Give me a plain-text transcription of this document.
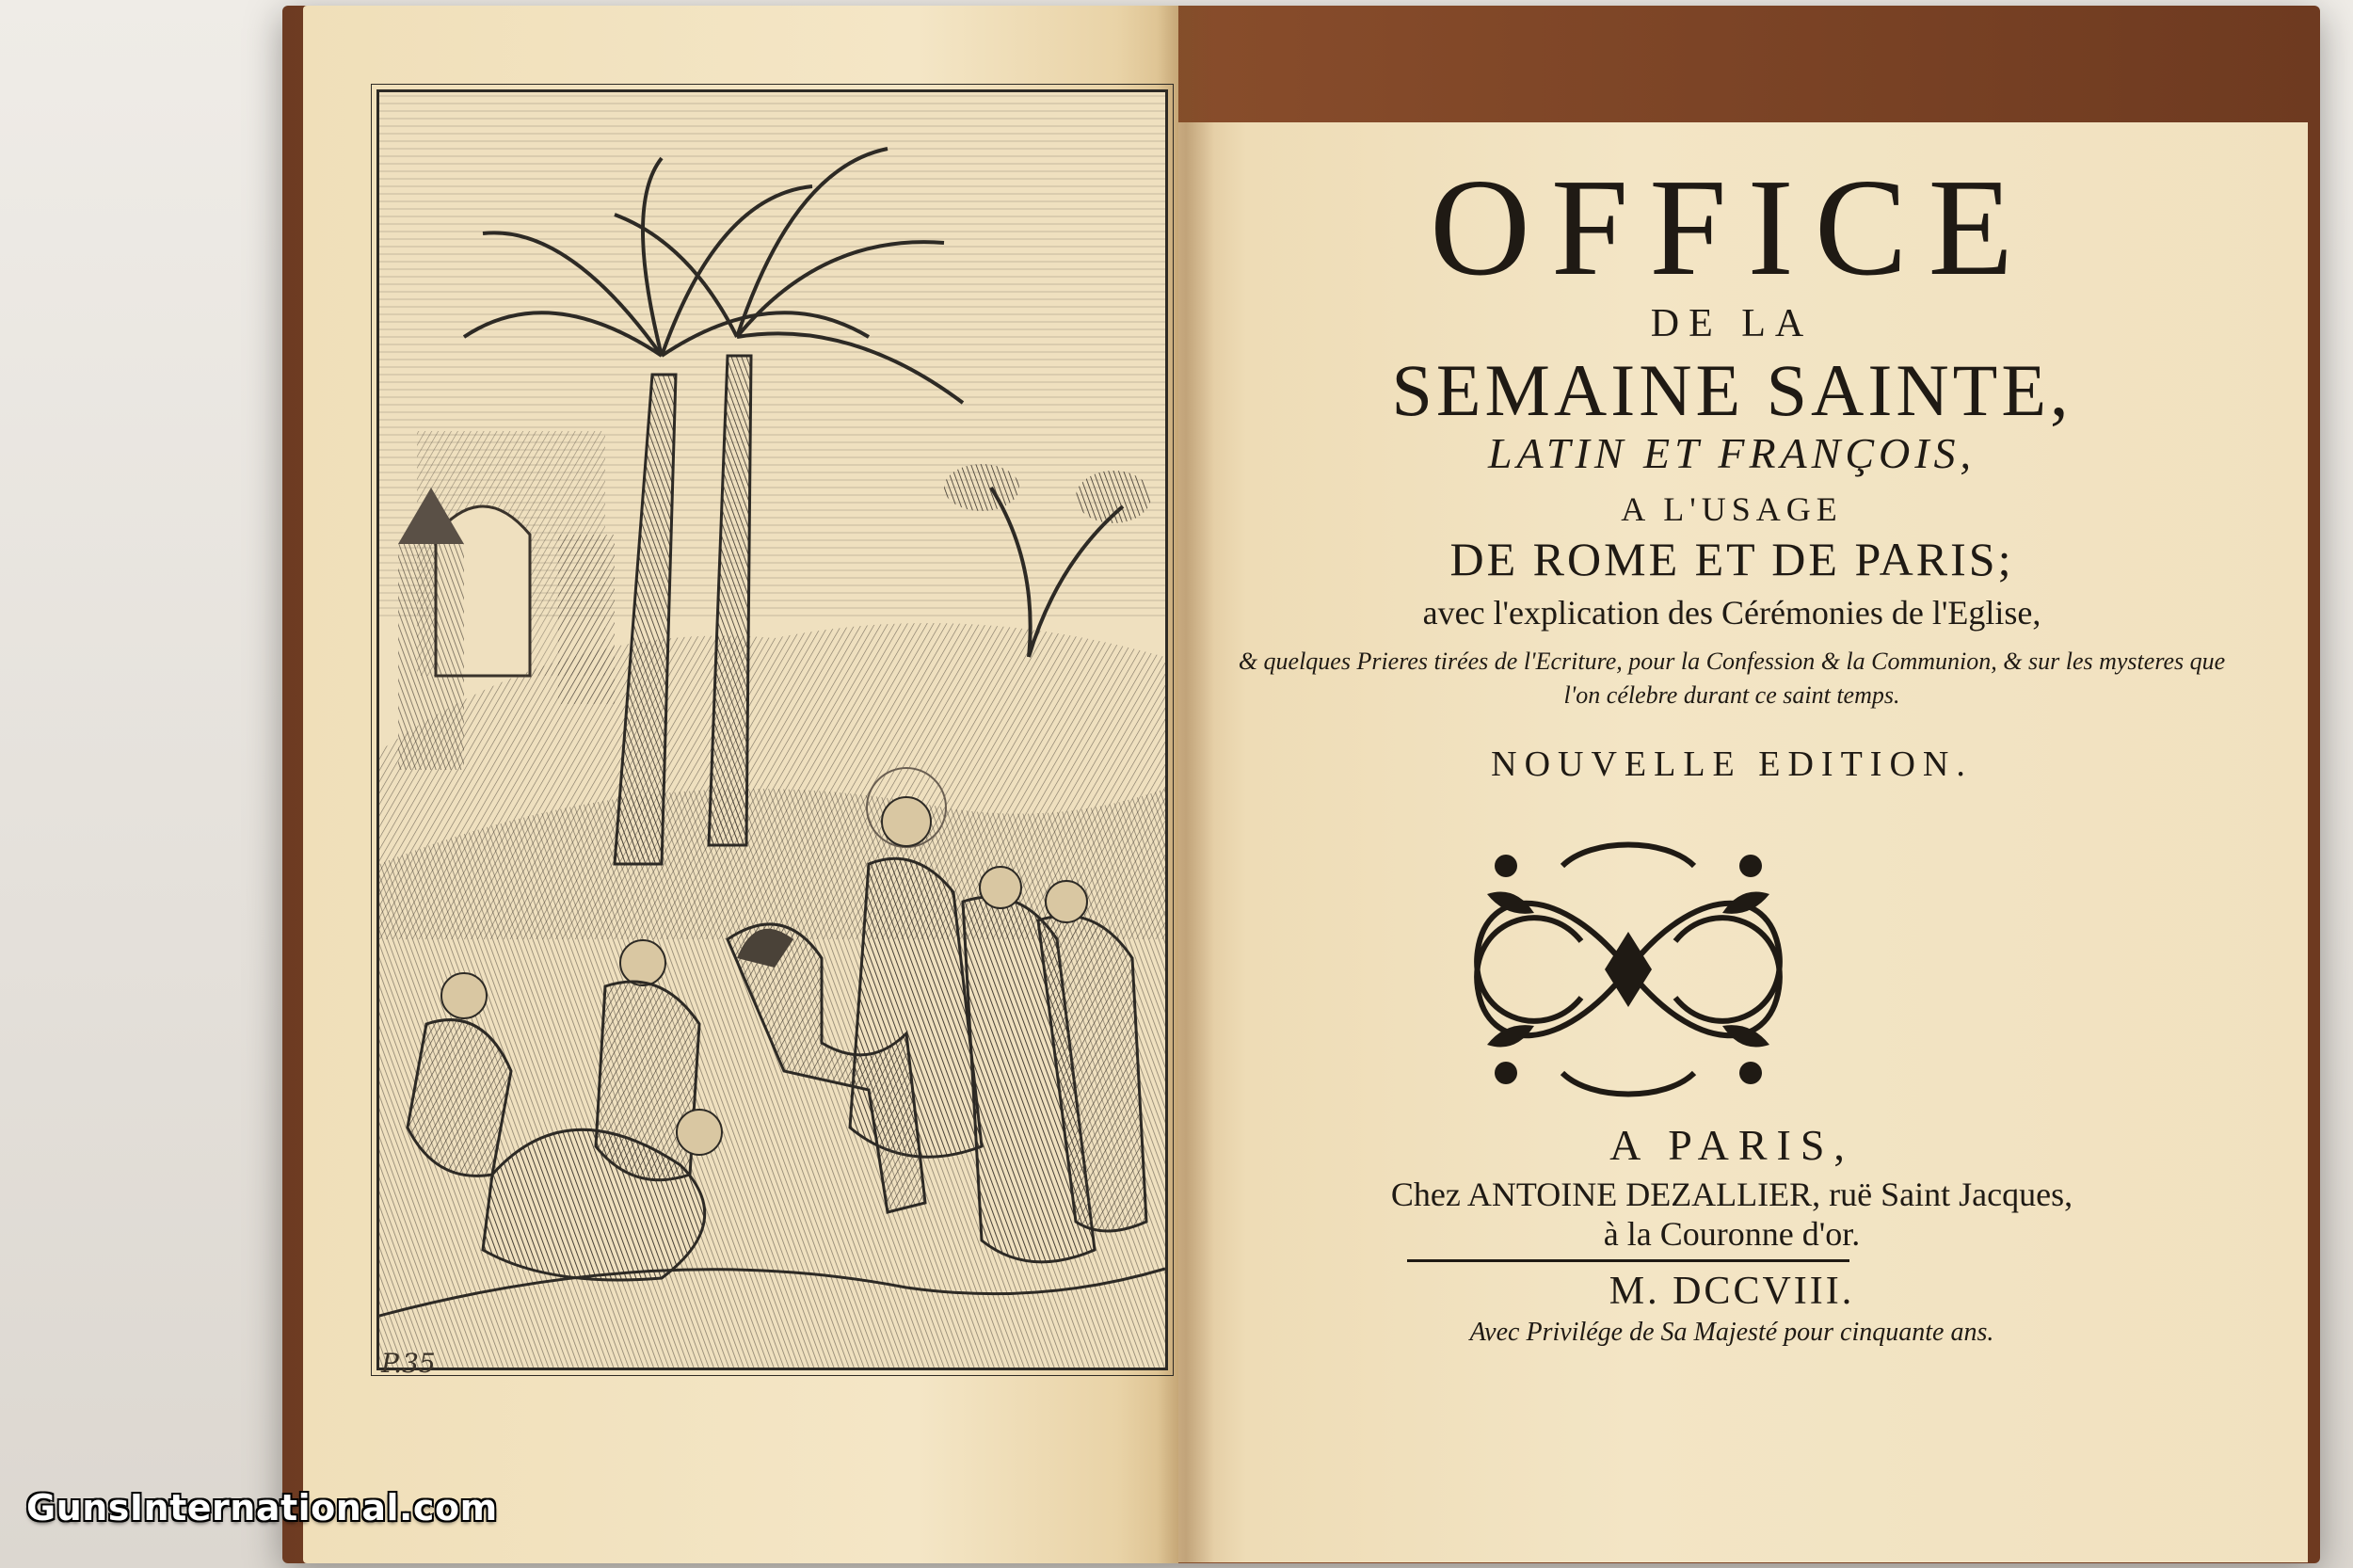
P.35
OFFICE
DE LA
SEMAINE SAINTE,
LATIN ET FRANÇOIS,
A L'USAGE
DE ROME ET DE PARIS;
avec l'explication des Cérémonies de l'Eglise,
& quelques Prieres tirées de l'Ecriture, pour la Confession & la Communion, & sur les mysteres que l'on célebre durant ce saint temps.
NOUVELLE EDITION.
A PARIS,
Chez ANTOINE DEZALLIER, ruë Saint Jacques,
à la Couronne d'or.
M. DCCVIII.
Avec Privilége de Sa Majesté pour cinquante ans.
GunsInternational.com
